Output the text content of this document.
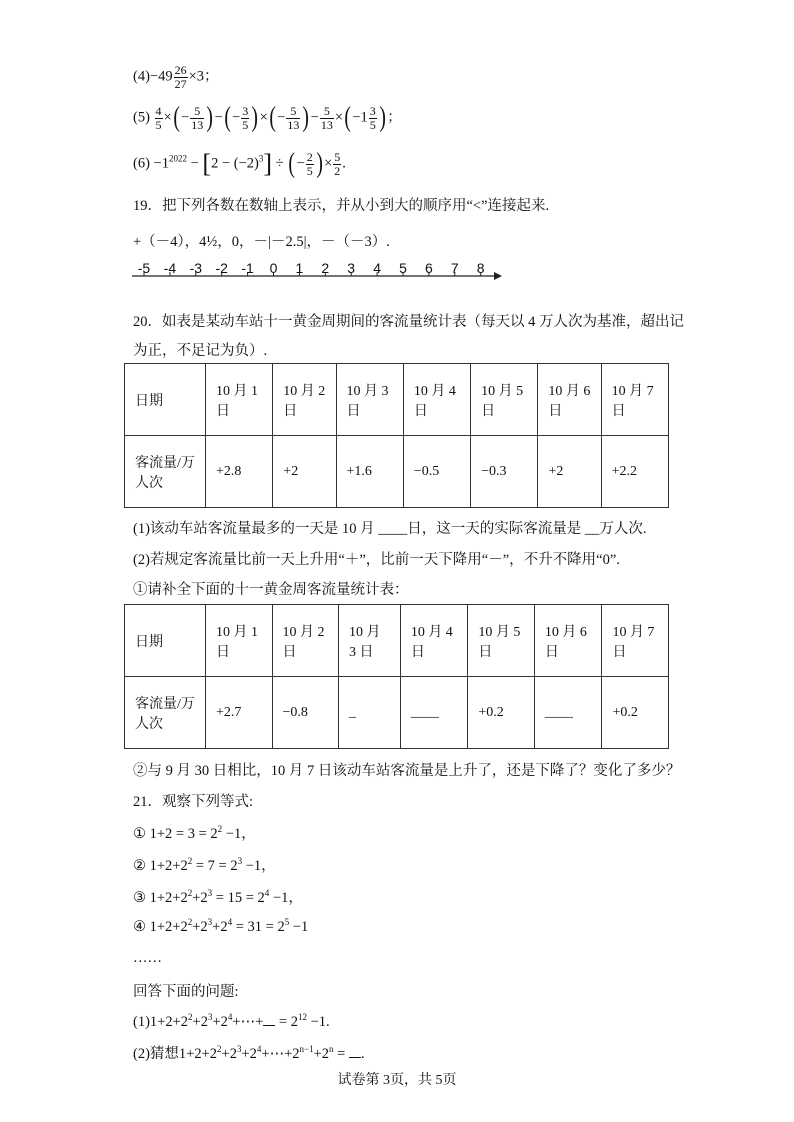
$(4)-49 \frac{26}{27} \times 3$；
$(5) \frac{4}{5}$ ×(− $\frac{5}{13}$ )−(− $\frac{3}{5}$ )×(− $\frac{5}{13}$ )− $\frac{5}{13} \times(-1 \frac{3}{5}$ )；
$(6) -1^{2022} - [2 - (-2)^3]$ ÷ (− $\frac{2}{5}$ )× $\frac{5}{2}$ .
19．把下列各数在数轴上表示，并从小到大的顺序用“<”连接起来.
+（－4），4½，0，－|－2.5|，－（－3）.
-5 -4 -3 -2 -1 0 1 2 3 4 5 6 7 8
20．如表是某动车站十一黄金周期间的客流量统计表（每天以 4 万人次为基准，超出记
为正，不足记为负）.
日期	10 月 1 日	10 月 2 日	10 月 3 日	10 月 4 日	10 月 5 日	10 月 6 日	10 月 7 日
客流量/万人次	+2.8	+2	+1.6	−0.5	−0.3	+2	+2.2
(1)该动车站客流量最多的一天是 10 月 ____日，这一天的实际客流量是 __万人次.
(2)若规定客流量比前一天上升用“＋”，比前一天下降用“－”，不升不降用“0”.
①请补全下面的十一黄金周客流量统计表：
日期	10 月 1 日	10 月 2 日	10 月 3 日	10 月 4 日	10 月 5 日	10 月 6 日	10 月 7 日
客流量/万人次	+2.7	−0.8	_	____	+0.2	____	+0.2
②与 9 月 30 日相比，10 月 7 日该动车站客流量是上升了，还是下降了？变化了多少？
21．观察下列等式:
① $1+2 = 3 = 2^2 -1$，
② $1+2+2^2 = 7 = 2^3 -1$，
③ $1+2+2^2+2^3 = 15 = 2^4 -1$，
④ $1+2+2^2+2^3+2^4 = 31 = 2^5 -1$
……
回答下面的问题:
$(1)1+2+2^2+2^3+2^4+\cdots+ = 2^{12} -1$.
(2)猜想$1+2+2^2+2^3+2^4+\cdots+2^{n-1}+2^n$ = .
试卷第 3页，共 5页
